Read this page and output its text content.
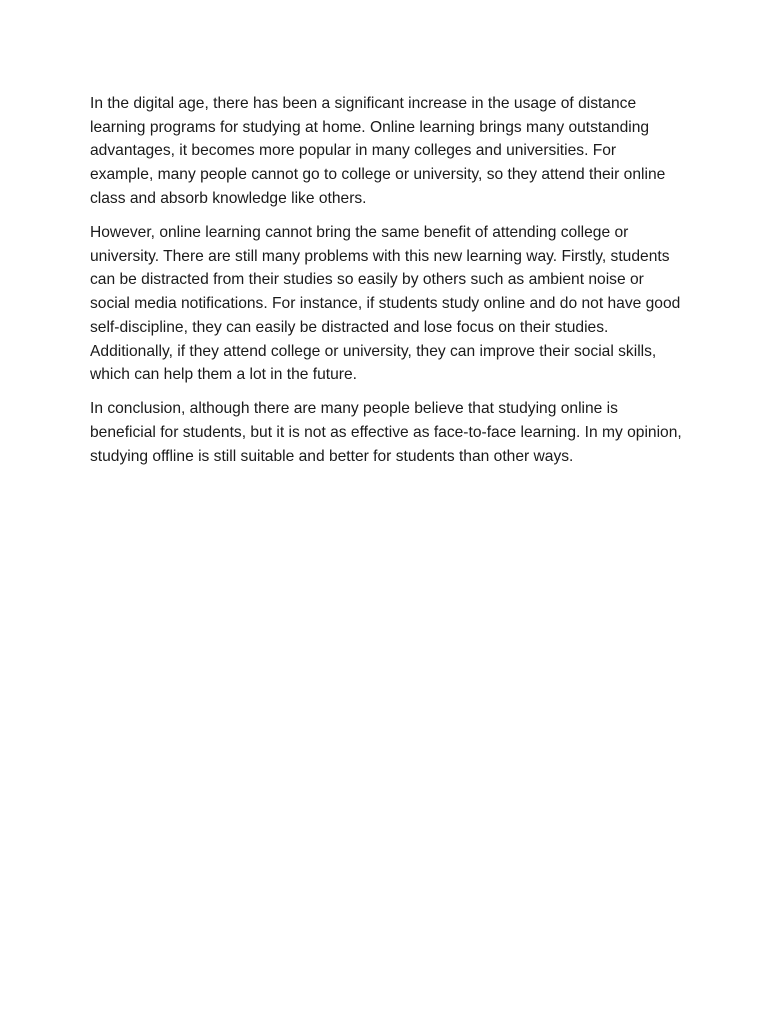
In the digital age, there has been a significant increase in the usage of distance learning programs for studying at home. Online learning brings many outstanding advantages, it becomes more popular in many colleges and universities. For example, many people cannot go to college or university, so they attend their online class and absorb knowledge like others.

However, online learning cannot bring the same benefit of attending college or university. There are still many problems with this new learning way. Firstly, students can be distracted from their studies so easily by others such as ambient noise or social media notifications. For instance, if students study online and do not have good self-discipline, they can easily be distracted and lose focus on their studies. Additionally, if they attend college or university, they can improve their social skills, which can help them a lot in the future.

In conclusion, although there are many people believe that studying online is beneficial for students, but it is not as effective as face-to-face learning. In my opinion, studying offline is still suitable and better for students than other ways.
